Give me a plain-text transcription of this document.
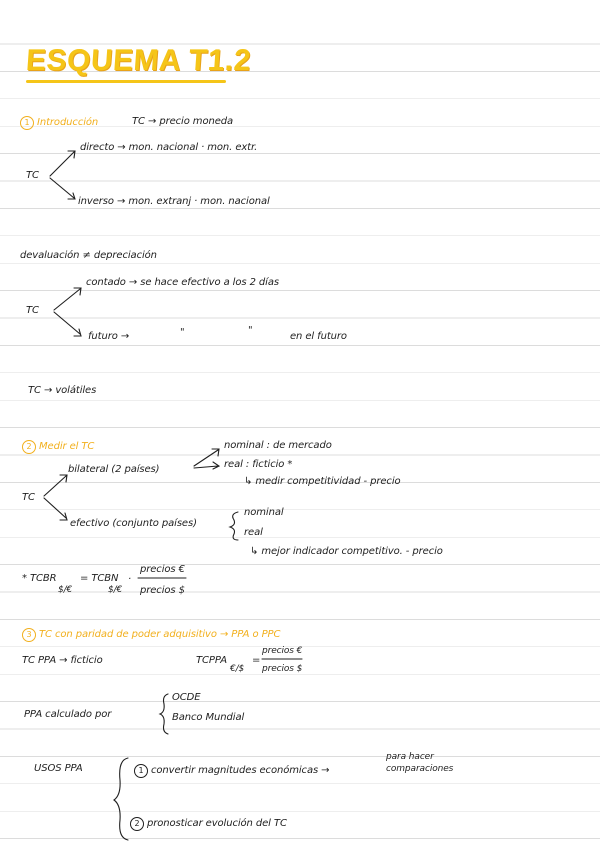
ESQUEMA T1.2
1 Introducción	TC → precio moneda
TC
directo → mon. nacional · mon. extr.
inverso → mon. extranj · mon. nacional
devaluación ≠ depreciación
TC
contado → se hace efectivo a los 2 días
futuro →	"	"
en el futuro
TC → volátiles
2 Medir el TC
TC
bilateral (2 países)
nominal : de mercado
real : ficticio *
↳ medir competitividad - precio
efectivo (conjunto países)
nominal
real
↳ mejor indicador competitivo. - precio
* TCBR
$/€
= TCBN
$/€
·
precios €
precios $
3 TC con paridad de poder adquisitivo → PPA o PPC
TC PPA → ficticio	TCPPA
€/$
=
precios €
precios $
PPA calculado por
OCDE
Banco Mundial
USOS PPA	1 convertir magnitudes económicas →
para hacer
comparaciones
2 pronosticar evolución del TC
